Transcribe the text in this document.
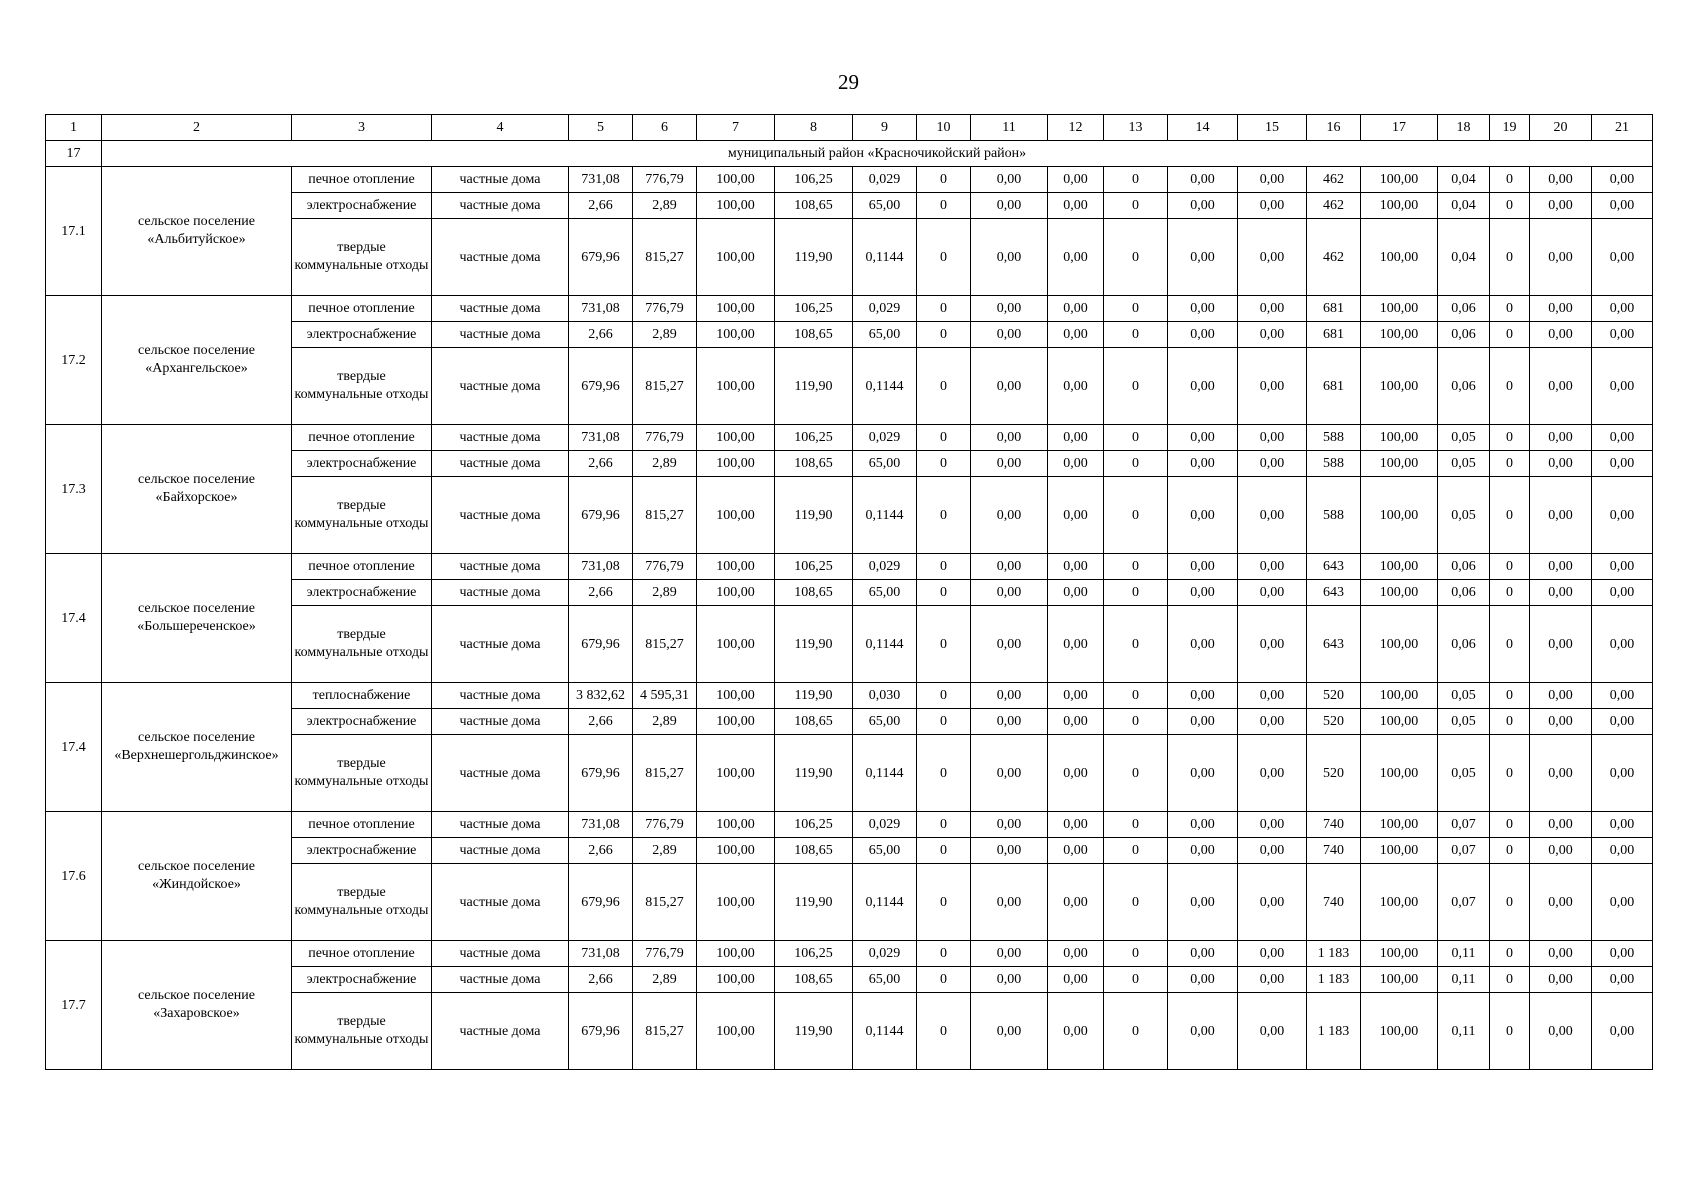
29
1	2	3	4	5	6	7	8	9	10	11	12	13	14	15	16	17	18	19	20	21
17	муниципальный район «Красночикойский район»																			
17.1	сельское поселение «Альбитуйское»	печное отопление	частные дома	731,08	776,79	100,00	106,25	0,029	0	0,00	0,00	0	0,00	0,00	462	100,00	0,04	0	0,00	0,00
		электроснабжение	частные дома	2,66	2,89	100,00	108,65	65,00	0	0,00	0,00	0	0,00	0,00	462	100,00	0,04	0	0,00	0,00
		твердые коммунальные отходы	частные дома	679,96	815,27	100,00	119,90	0,1144	0	0,00	0,00	0	0,00	0,00	462	100,00	0,04	0	0,00	0,00
17.2	сельское поселение «Архангельское»	печное отопление	частные дома	731,08	776,79	100,00	106,25	0,029	0	0,00	0,00	0	0,00	0,00	681	100,00	0,06	0	0,00	0,00
		электроснабжение	частные дома	2,66	2,89	100,00	108,65	65,00	0	0,00	0,00	0	0,00	0,00	681	100,00	0,06	0	0,00	0,00
		твердые коммунальные отходы	частные дома	679,96	815,27	100,00	119,90	0,1144	0	0,00	0,00	0	0,00	0,00	681	100,00	0,06	0	0,00	0,00
17.3	сельское поселение «Байхорское»	печное отопление	частные дома	731,08	776,79	100,00	106,25	0,029	0	0,00	0,00	0	0,00	0,00	588	100,00	0,05	0	0,00	0,00
		электроснабжение	частные дома	2,66	2,89	100,00	108,65	65,00	0	0,00	0,00	0	0,00	0,00	588	100,00	0,05	0	0,00	0,00
		твердые коммунальные отходы	частные дома	679,96	815,27	100,00	119,90	0,1144	0	0,00	0,00	0	0,00	0,00	588	100,00	0,05	0	0,00	0,00
17.4	сельское поселение «Большереченское»	печное отопление	частные дома	731,08	776,79	100,00	106,25	0,029	0	0,00	0,00	0	0,00	0,00	643	100,00	0,06	0	0,00	0,00
		электроснабжение	частные дома	2,66	2,89	100,00	108,65	65,00	0	0,00	0,00	0	0,00	0,00	643	100,00	0,06	0	0,00	0,00
		твердые коммунальные отходы	частные дома	679,96	815,27	100,00	119,90	0,1144	0	0,00	0,00	0	0,00	0,00	643	100,00	0,06	0	0,00	0,00
17.4	сельское поселение «Верхнешергольджинское»	теплоснабжение	частные дома	3 832,62	4 595,31	100,00	119,90	0,030	0	0,00	0,00	0	0,00	0,00	520	100,00	0,05	0	0,00	0,00
		электроснабжение	частные дома	2,66	2,89	100,00	108,65	65,00	0	0,00	0,00	0	0,00	0,00	520	100,00	0,05	0	0,00	0,00
		твердые коммунальные отходы	частные дома	679,96	815,27	100,00	119,90	0,1144	0	0,00	0,00	0	0,00	0,00	520	100,00	0,05	0	0,00	0,00
17.6	сельское поселение «Жиндойское»	печное отопление	частные дома	731,08	776,79	100,00	106,25	0,029	0	0,00	0,00	0	0,00	0,00	740	100,00	0,07	0	0,00	0,00
		электроснабжение	частные дома	2,66	2,89	100,00	108,65	65,00	0	0,00	0,00	0	0,00	0,00	740	100,00	0,07	0	0,00	0,00
		твердые коммунальные отходы	частные дома	679,96	815,27	100,00	119,90	0,1144	0	0,00	0,00	0	0,00	0,00	740	100,00	0,07	0	0,00	0,00
17.7	сельское поселение «Захаровское»	печное отопление	частные дома	731,08	776,79	100,00	106,25	0,029	0	0,00	0,00	0	0,00	0,00	1 183	100,00	0,11	0	0,00	0,00
		электроснабжение	частные дома	2,66	2,89	100,00	108,65	65,00	0	0,00	0,00	0	0,00	0,00	1 183	100,00	0,11	0	0,00	0,00
		твердые коммунальные отходы	частные дома	679,96	815,27	100,00	119,90	0,1144	0	0,00	0,00	0	0,00	0,00	1 183	100,00	0,11	0	0,00	0,00
